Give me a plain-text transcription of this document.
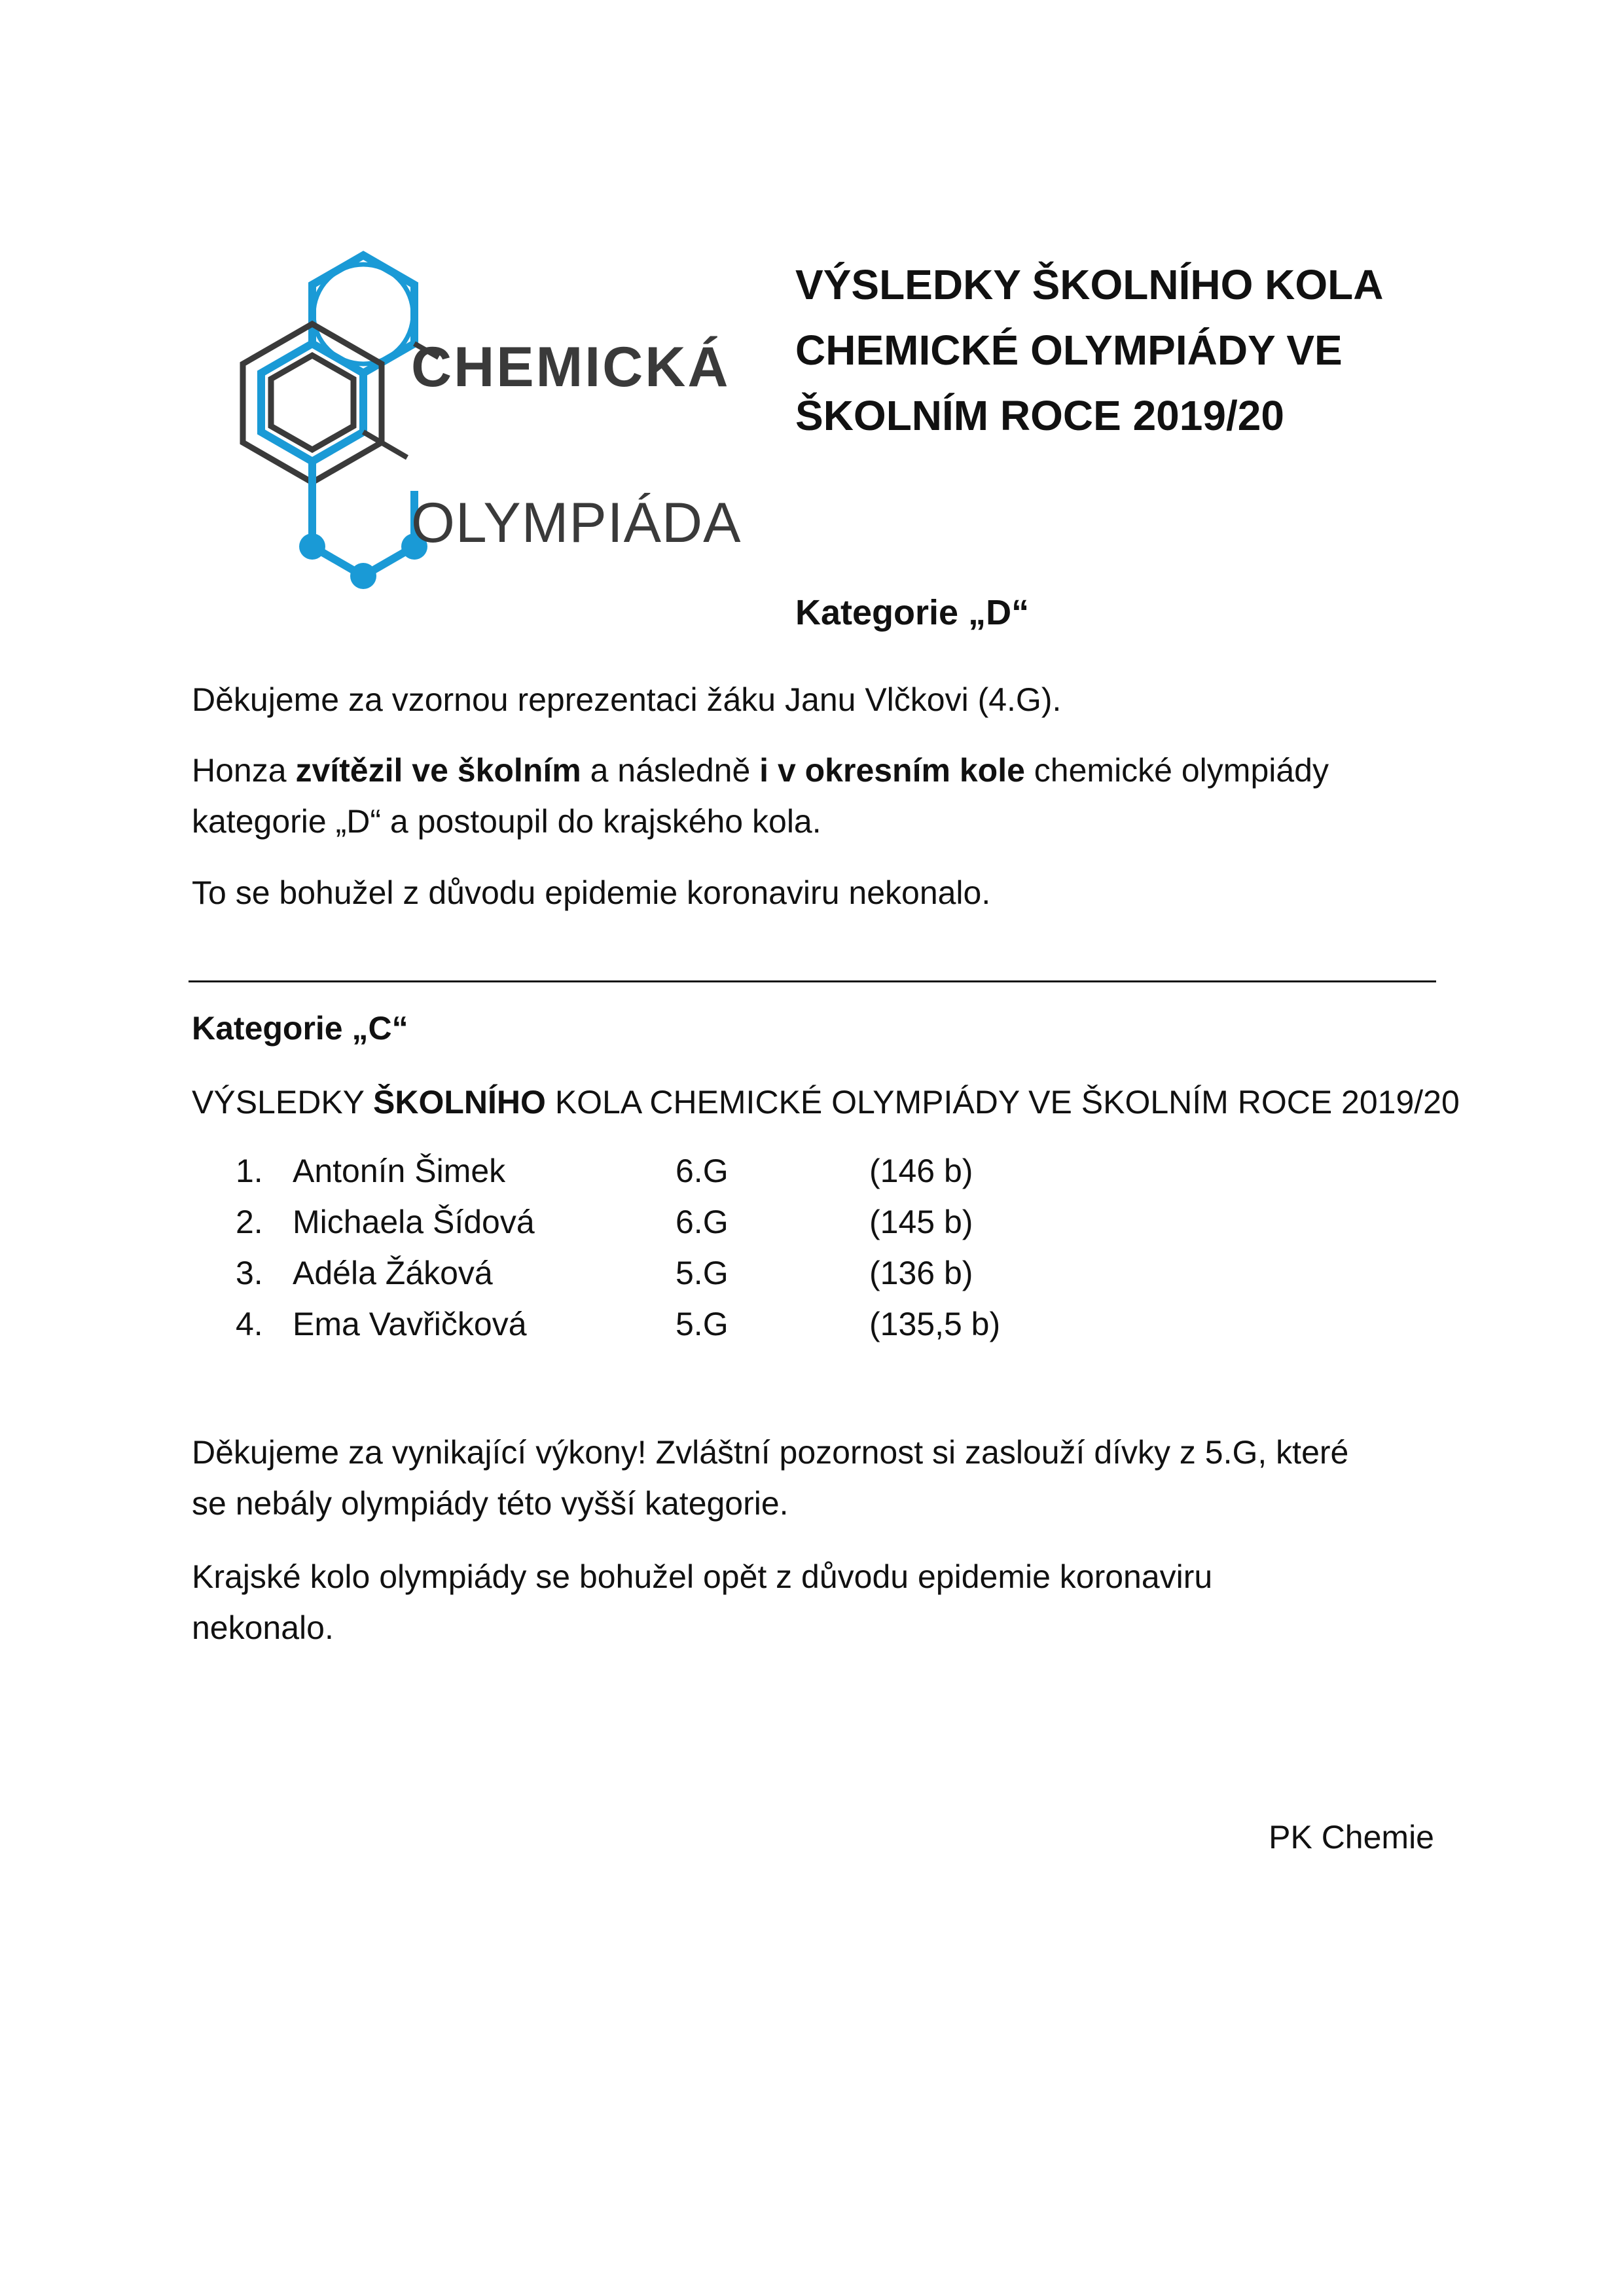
CHEMICKÁ
OLYMPIÁDA
VÝSLEDKY ŠKOLNÍHO KOLA
CHEMICKÉ OLYMPIÁDY VE
ŠKOLNÍM ROCE 2019/20
Kategorie „D“
Děkujeme za vzornou reprezentaci žáku Janu Vlčkovi (4.G).
Honza zvítězil ve školním a následně i v okresním kole chemické olympiády
kategorie „D“ a postoupil do krajského kola.
To se bohužel z důvodu epidemie koronaviru nekonalo.
Kategorie „C“
VÝSLEDKY ŠKOLNÍHO KOLA CHEMICKÉ OLYMPIÁDY VE ŠKOLNÍM ROCE 2019/20
1. Antonín Šimek	6.G	(146 b)
2. Michaela Šídová	6.G	(145 b)
3. Adéla Žáková	5.G	(136 b)
4. Ema Vavřičková	5.G	(135,5 b)
Děkujeme za vynikající výkony! Zvláštní pozornost si zaslouží dívky z 5.G, které
se nebály olympiády této vyšší kategorie.
Krajské kolo olympiády se bohužel opět z důvodu epidemie koronaviru
nekonalo.
PK Chemie
